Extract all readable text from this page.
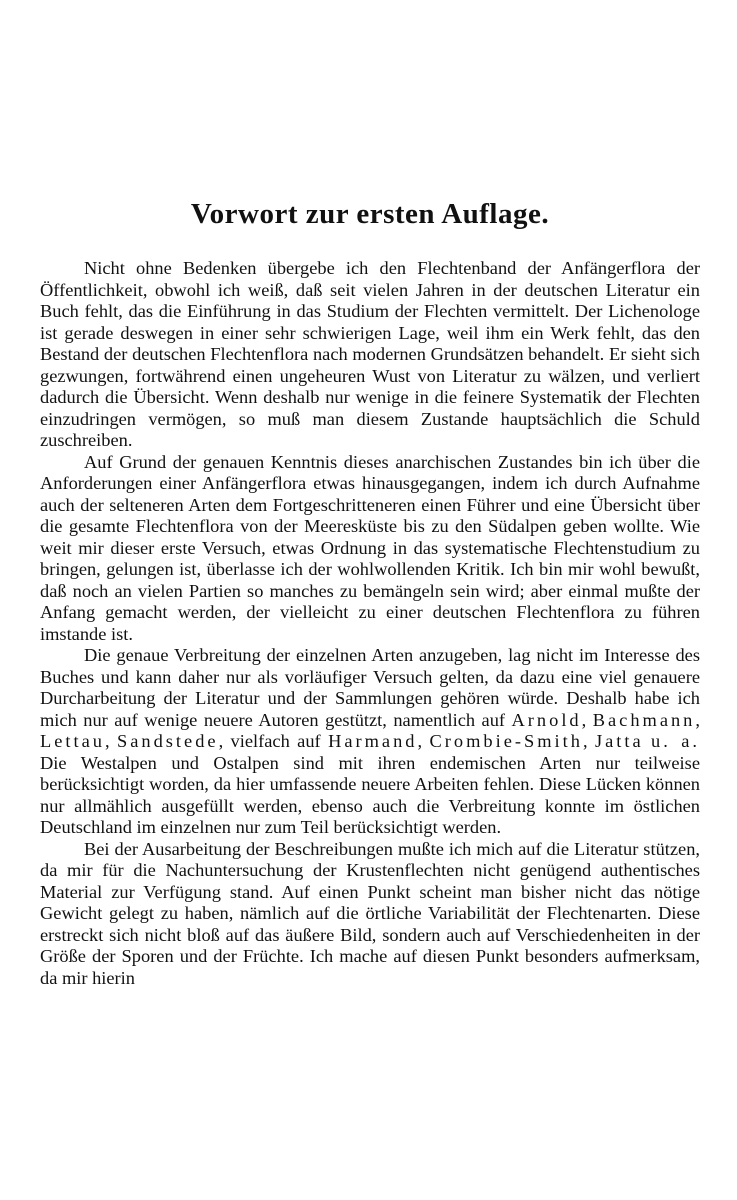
Vorwort zur ersten Auflage.

Nicht ohne Bedenken übergebe ich den Flechtenband der Anfängerflora der Öffentlichkeit, obwohl ich weiß, daß seit vielen Jahren in der deutschen Literatur ein Buch fehlt, das die Einführung in das Studium der Flechten vermittelt. Der Lichenologe ist gerade deswegen in einer sehr schwierigen Lage, weil ihm ein Werk fehlt, das den Bestand der deutschen Flechtenflora nach modernen Grundsätzen behandelt. Er sieht sich gezwungen, fortwährend einen ungeheuren Wust von Literatur zu wälzen, und verliert dadurch die Übersicht. Wenn deshalb nur wenige in die feinere Systematik der Flechten einzudringen vermögen, so muß man diesem Zustande hauptsächlich die Schuld zuschreiben.

Auf Grund der genauen Kenntnis dieses anarchischen Zustandes bin ich über die Anforderungen einer Anfängerflora etwas hinausgegangen, indem ich durch Aufnahme auch der selteneren Arten dem Fortgeschritteneren einen Führer und eine Übersicht über die gesamte Flechtenflora von der Meeresküste bis zu den Südalpen geben wollte. Wie weit mir dieser erste Versuch, etwas Ordnung in das systematische Flechtenstudium zu bringen, gelungen ist, überlasse ich der wohlwollenden Kritik. Ich bin mir wohl bewußt, daß noch an vielen Partien so manches zu bemängeln sein wird; aber einmal mußte der Anfang gemacht werden, der vielleicht zu einer deutschen Flechtenflora zu führen imstande ist.

Die genaue Verbreitung der einzelnen Arten anzugeben, lag nicht im Interesse des Buches und kann daher nur als vorläufiger Versuch gelten, da dazu eine viel genauere Durcharbeitung der Literatur und der Sammlungen gehören würde. Deshalb habe ich mich nur auf wenige neuere Autoren gestützt, namentlich auf Arnold, Bachmann, Lettau, Sandstede, vielfach auf Harmand, Crombie-Smith, Jatta u. a. Die Westalpen und Ostalpen sind mit ihren endemischen Arten nur teilweise berücksichtigt worden, da hier umfassende neuere Arbeiten fehlen. Diese Lücken können nur allmählich ausgefüllt werden, ebenso auch die Verbreitung konnte im östlichen Deutschland im einzelnen nur zum Teil berücksichtigt werden.

Bei der Ausarbeitung der Beschreibungen mußte ich mich auf die Literatur stützen, da mir für die Nachuntersuchung der Krustenflechten nicht genügend authentisches Material zur Verfügung stand. Auf einen Punkt scheint man bisher nicht das nötige Gewicht gelegt zu haben, nämlich auf die örtliche Variabilität der Flechtenarten. Diese erstreckt sich nicht bloß auf das äußere Bild, sondern auch auf Verschiedenheiten in der Größe der Sporen und der Früchte. Ich mache auf diesen Punkt besonders aufmerksam, da mir hierin
